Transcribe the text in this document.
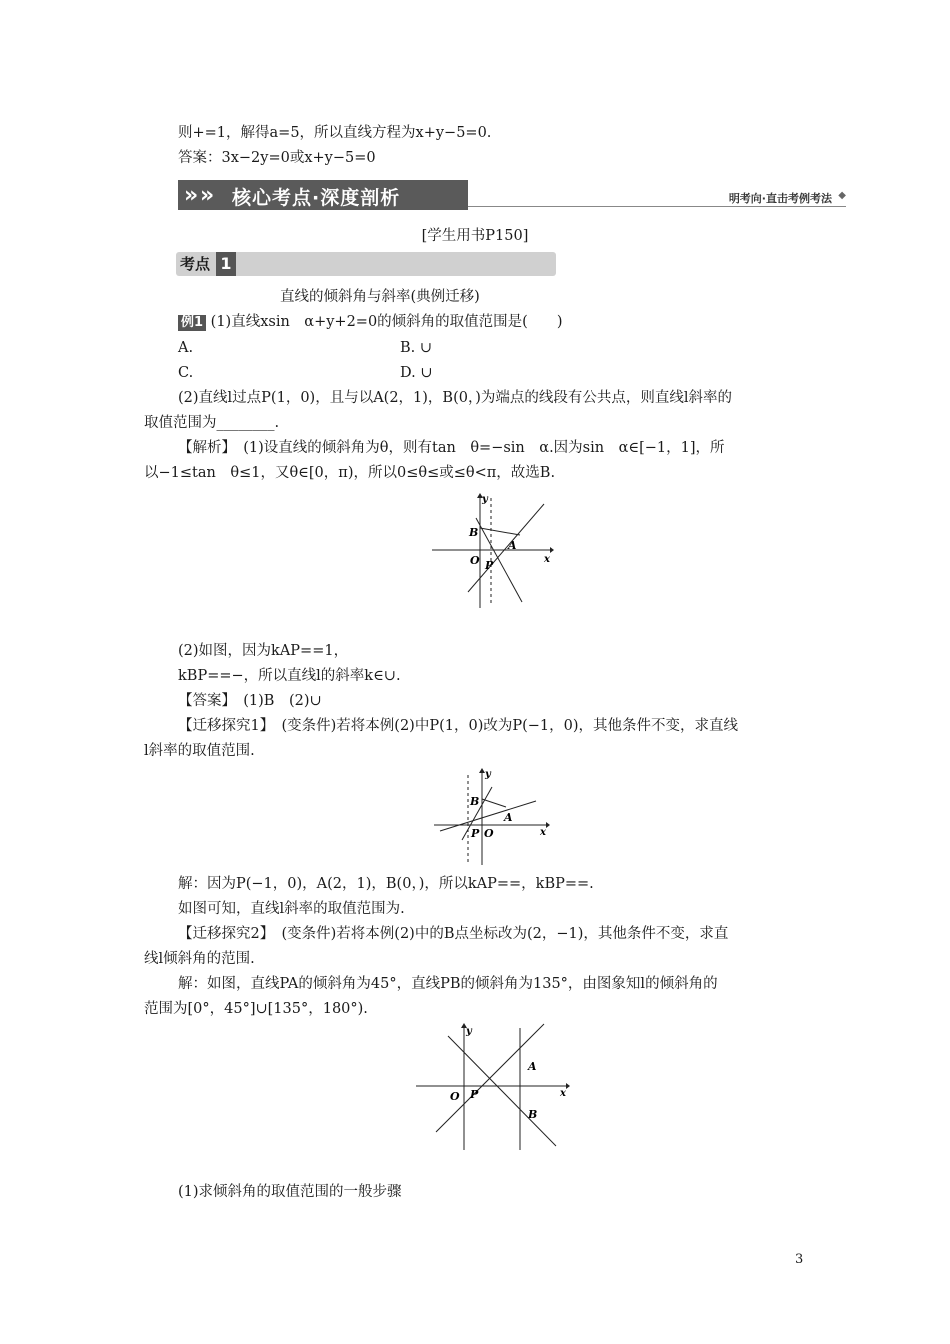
则+=1，解得a=5，所以直线方程为x+y−5=0.
答案：3x−2y=0或x+y−5=0
» » 核心考点·深度剖析	明考向·直击考例考法 ◆
[学生用书P150]
考点 1
直线的倾斜角与斜率(典例迁移)
例1 (1)直线xsin　α+y+2=0的倾斜角的取值范围是(　　)
A.	B. ∪
C.	D. ∪
(2)直线l过点P(1，0)，且与以A(2，1)，B(0，)为端点的线段有公共点，则直线l斜率的
取值范围为________.
【解析】　(1)设直线的倾斜角为θ，则有tan　θ=−sin　α.因为sin　α∈[−1，1]，所
以−1≤tan　θ≤1，又θ∈[0，π)，所以0≤θ≤或≤θ<π，故选B.
y
x
B
A
O P
(2)如图，因为kAP==1，
kBP==−，所以直线l的斜率k∈∪.
【答案】　(1)B　(2)∪
【迁移探究1】　(变条件)若将本例(2)中P(1，0)改为P(−1，0)，其他条件不变，求直线
l斜率的取值范围.
y
x
B
A
P O
解：因为P(−1，0)，A(2，1)，B(0，)，所以kAP==，kBP==.
如图可知，直线l斜率的取值范围为.
【迁移探究2】　(变条件)若将本例(2)中的B点坐标改为(2，−1)，其他条件不变，求直
线l倾斜角的范围.
解：如图，直线PA的倾斜角为45°，直线PB的倾斜角为135°，由图象知l的倾斜角的
范围为[0°，45°]∪[135°，180°).
y
x
A
B
O P
(1)求倾斜角的取值范围的一般步骤
3
